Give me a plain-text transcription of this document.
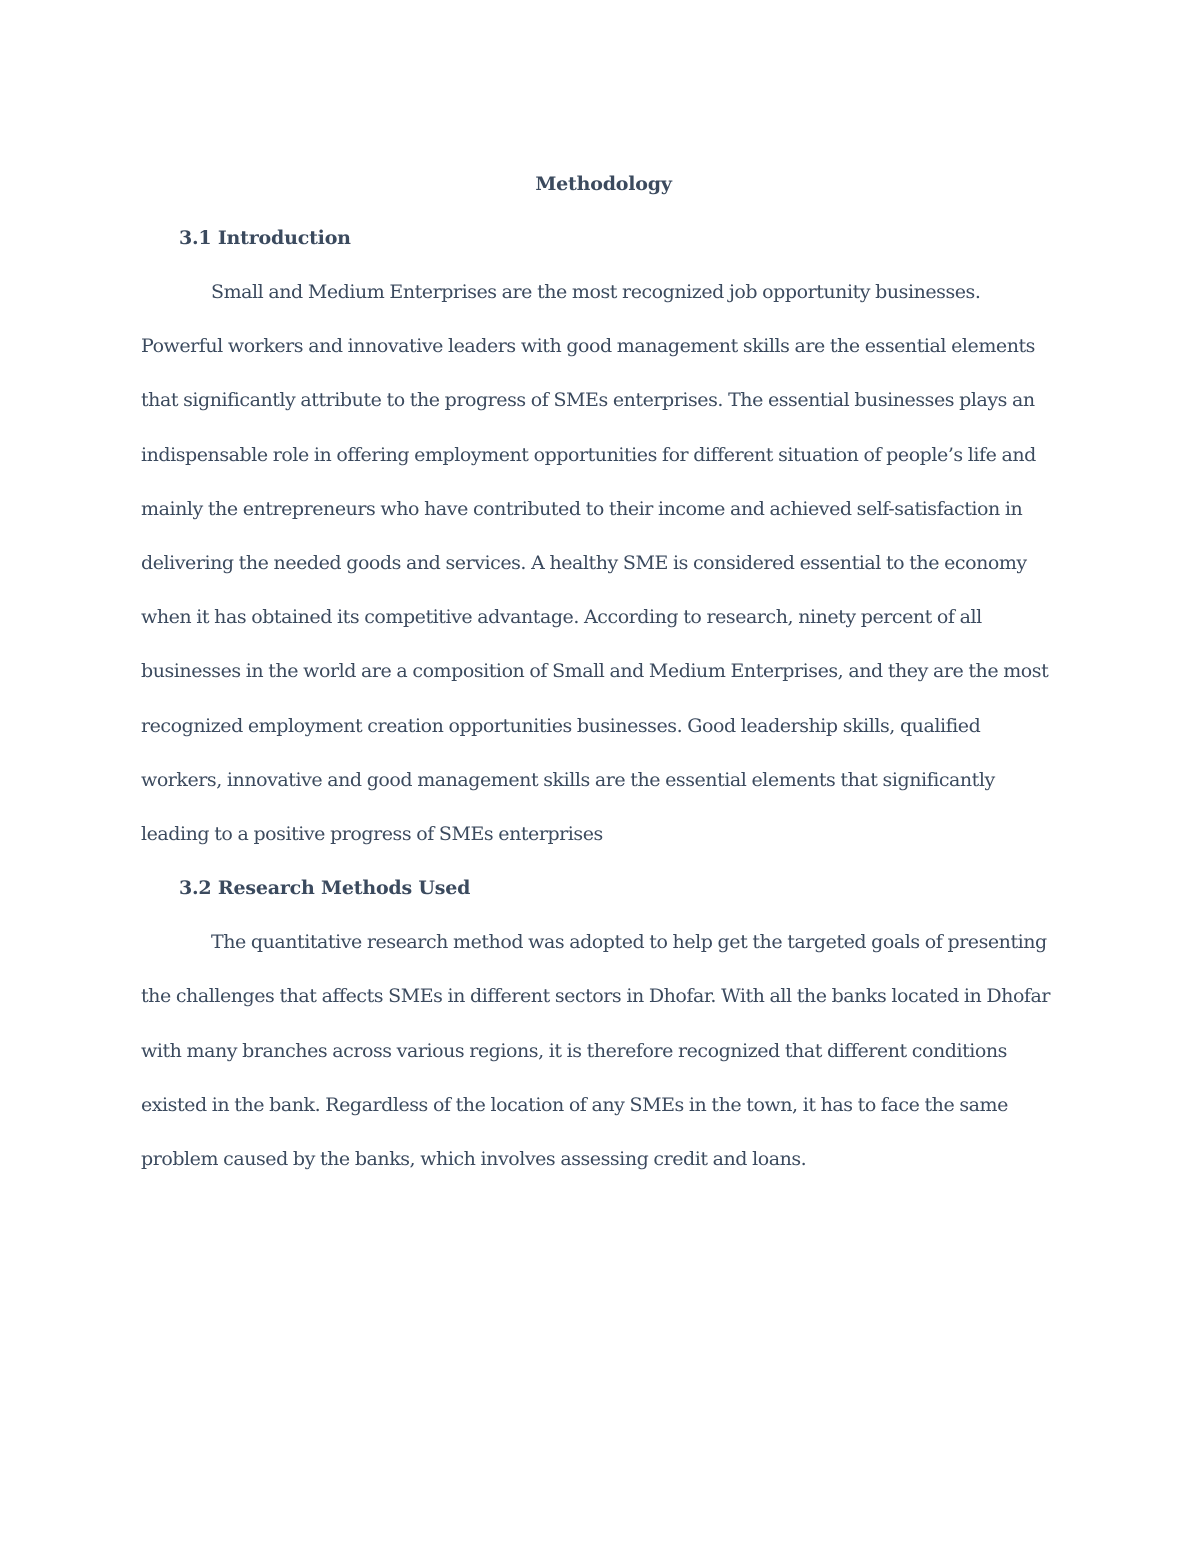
Methodology
3.1 Introduction

Small and Medium Enterprises are the most recognized job opportunity businesses. Powerful workers and innovative leaders with good management skills are the essential elements that significantly attribute to the progress of SMEs enterprises. The essential businesses plays an indispensable role in offering employment opportunities for different situation of people’s life and mainly the entrepreneurs who have contributed to their income and achieved self-satisfaction in delivering the needed goods and services. A healthy SME is considered essential to the economy when it has obtained its competitive advantage. According to research, ninety percent of all businesses in the world are a composition of Small and Medium Enterprises, and they are the most recognized employment creation opportunities businesses. Good leadership skills, qualified workers, innovative and good management skills are the essential elements that significantly leading to a positive progress of SMEs enterprises

3.2 Research Methods Used

The quantitative research method was adopted to help get the targeted goals of presenting the challenges that affects SMEs in different sectors in Dhofar. With all the banks located in Dhofar with many branches across various regions, it is therefore recognized that different conditions existed in the bank. Regardless of the location of any SMEs in the town, it has to face the same problem caused by the banks, which involves assessing credit and loans.
